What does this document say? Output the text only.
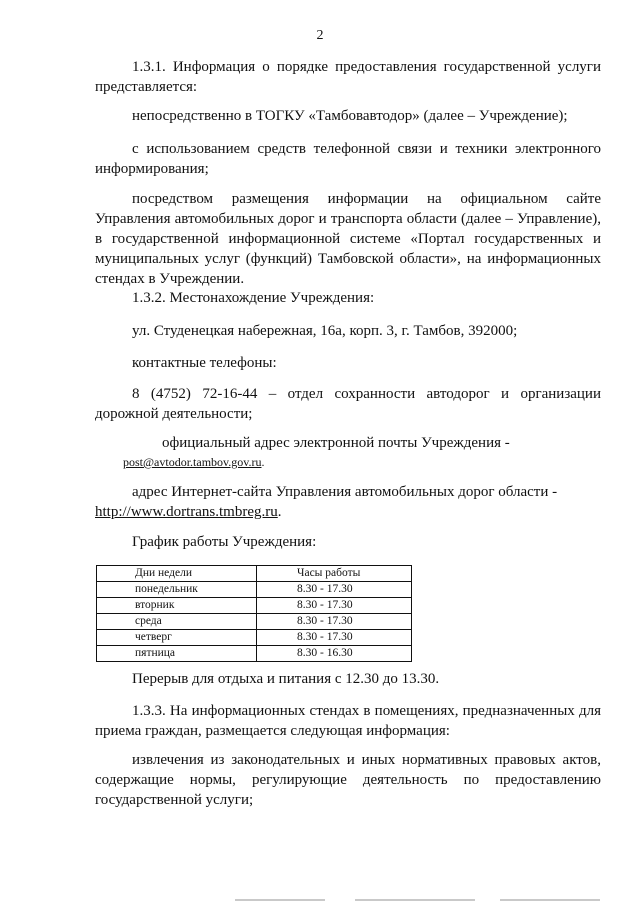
2

1.3.1. Информация о порядке предоставления государственной услуги представляется:

непосредственно в ТОГКУ «Тамбовавтодор» (далее – Учреждение);

с использованием средств телефонной связи и техники электронного информирования;

посредством размещения информации на официальном сайте Управления автомобильных дорог и транспорта области (далее – Управление), в государственной информационной системе «Портал государственных и муниципальных услуг (функций) Тамбовской области», на информационных стендах в Учреждении.

1.3.2. Местонахождение Учреждения:

ул. Студенецкая набережная, 16а, корп. 3, г. Тамбов, 392000;

контактные телефоны:

8 (4752) 72-16-44 – отдел сохранности автодорог и организации дорожной деятельности;

официальный адрес электронной почты Учреждения -

post@avtodor.tambov.gov.ru.

адрес Интернет-сайта Управления автомобильных дорог области -

http://www.dortrans.tmbreg.ru.

График работы Учреждения:

Дни недели	Часы работы
понедельник	8.30 - 17.30
вторник	8.30 - 17.30
среда	8.30 - 17.30
четверг	8.30 - 17.30
пятница	8.30 - 16.30

Перерыв для отдыха и питания с 12.30 до 13.30.

1.3.3. На информационных стендах в помещениях, предназначенных для приема граждан, размещается следующая информация:

извлечения из законодательных и иных нормативных правовых актов, содержащие нормы, регулирующие деятельность по предоставлению государственной услуги;
